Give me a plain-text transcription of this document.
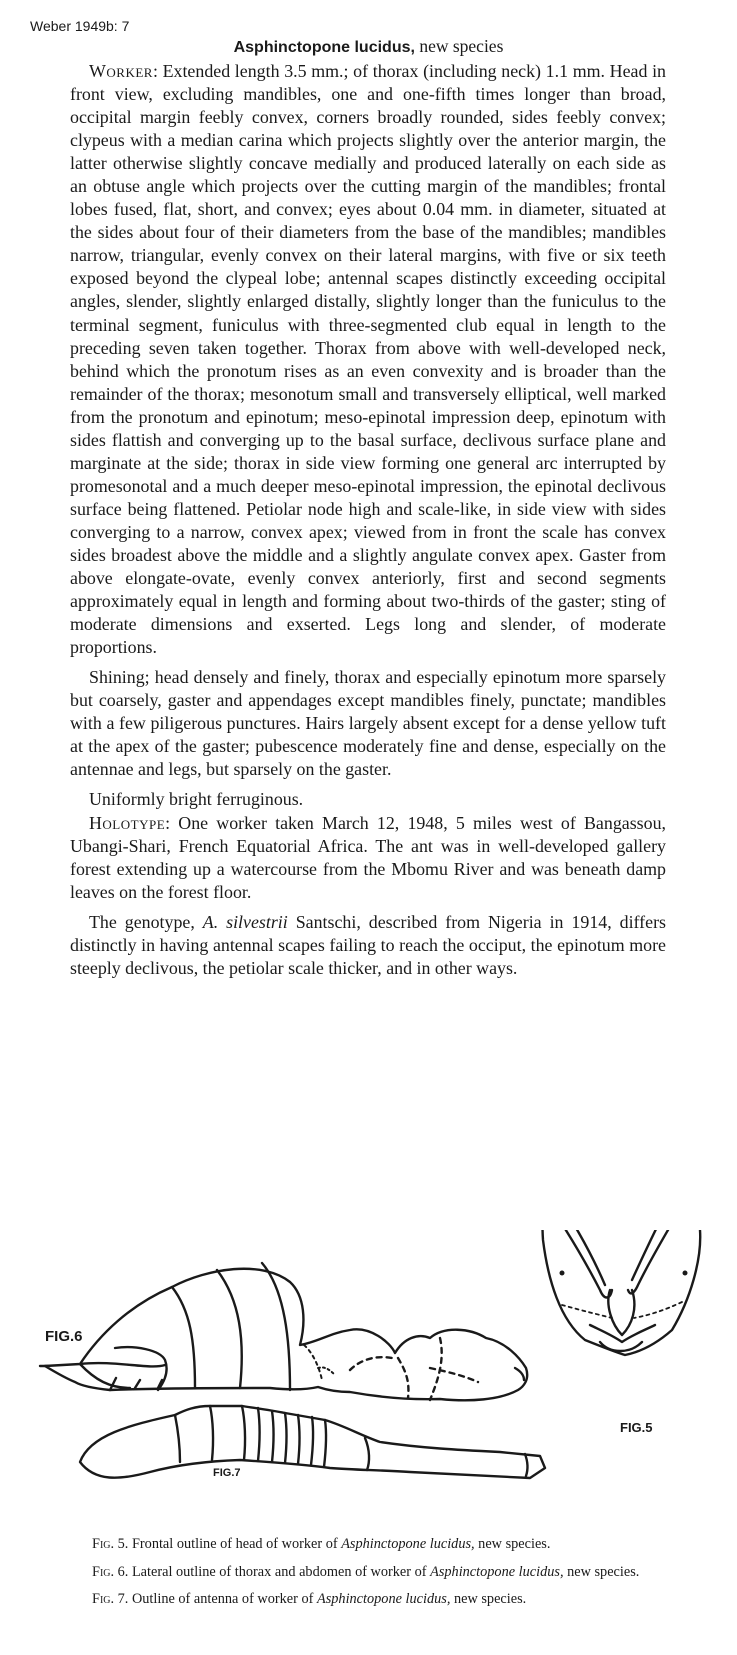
Weber 1949b: 7
Asphinctopone lucidus, new species

Worker: Extended length 3.5 mm.; of thorax (including neck) 1.1 mm. Head in front view, excluding mandibles, one and one-fifth times longer than broad, occipital margin feebly convex, corners broadly rounded, sides feebly convex; clypeus with a median carina which projects slightly over the anterior margin, the latter otherwise slightly concave medially and produced laterally on each side as an obtuse angle which projects over the cutting margin of the mandibles; frontal lobes fused, flat, short, and convex; eyes about 0.04 mm. in diameter, situated at the sides about four of their diameters from the base of the mandibles; mandibles narrow, triangular, evenly convex on their lateral margins, with five or six teeth exposed beyond the clypeal lobe; antennal scapes distinctly exceeding occipital angles, slender, slightly enlarged distally, slightly longer than the funiculus to the terminal segment, funiculus with three-segmented club equal in length to the preceding seven taken together. Thorax from above with well-developed neck, behind which the pronotum rises as an even convexity and is broader than the remainder of the thorax; mesonotum small and transversely elliptical, well marked from the pronotum and epinotum; meso-epinotal impression deep, epinotum with sides flattish and converging up to the basal surface, declivous surface plane and marginate at the side; thorax in side view forming one general arc interrupted by promesonotal and a much deeper meso-epinotal impression, the epinotal declivous surface being flattened. Petiolar node high and scale-like, in side view with sides converging to a narrow, convex apex; viewed from in front the scale has convex sides broadest above the middle and a slightly angulate convex apex. Gaster from above elongate-ovate, evenly convex anteriorly, first and second segments approximately equal in length and forming about two-thirds of the gaster; sting of moderate dimensions and exserted. Legs long and slender, of moderate proportions.

Shining; head densely and finely, thorax and especially epinotum more sparsely but coarsely, gaster and appendages except mandibles finely, punctate; mandibles with a few piligerous punctures. Hairs largely absent except for a dense yellow tuft at the apex of the gaster; pubescence moderately fine and dense, especially on the antennae and legs, but sparsely on the gaster.

Uniformly bright ferruginous.

Holotype: One worker taken March 12, 1948, 5 miles west of Bangassou, Ubangi-Shari, French Equatorial Africa. The ant was in well-developed gallery forest extending up a watercourse from the Mbomu River and was beneath damp leaves on the forest floor.

The genotype, A. silvestrii Santschi, described from Nigeria in 1914, differs distinctly in having antennal scapes failing to reach the occiput, the epinotum more steeply declivous, the petiolar scale thicker, and in other ways.

FIG.6
FIG.5
FIG.7

Fig. 5. Frontal outline of head of worker of Asphinctopone lucidus, new species.

Fig. 6. Lateral outline of thorax and abdomen of worker of Asphinctopone lucidus, new species.

Fig. 7. Outline of antenna of worker of Asphinctopone lucidus, new species.
